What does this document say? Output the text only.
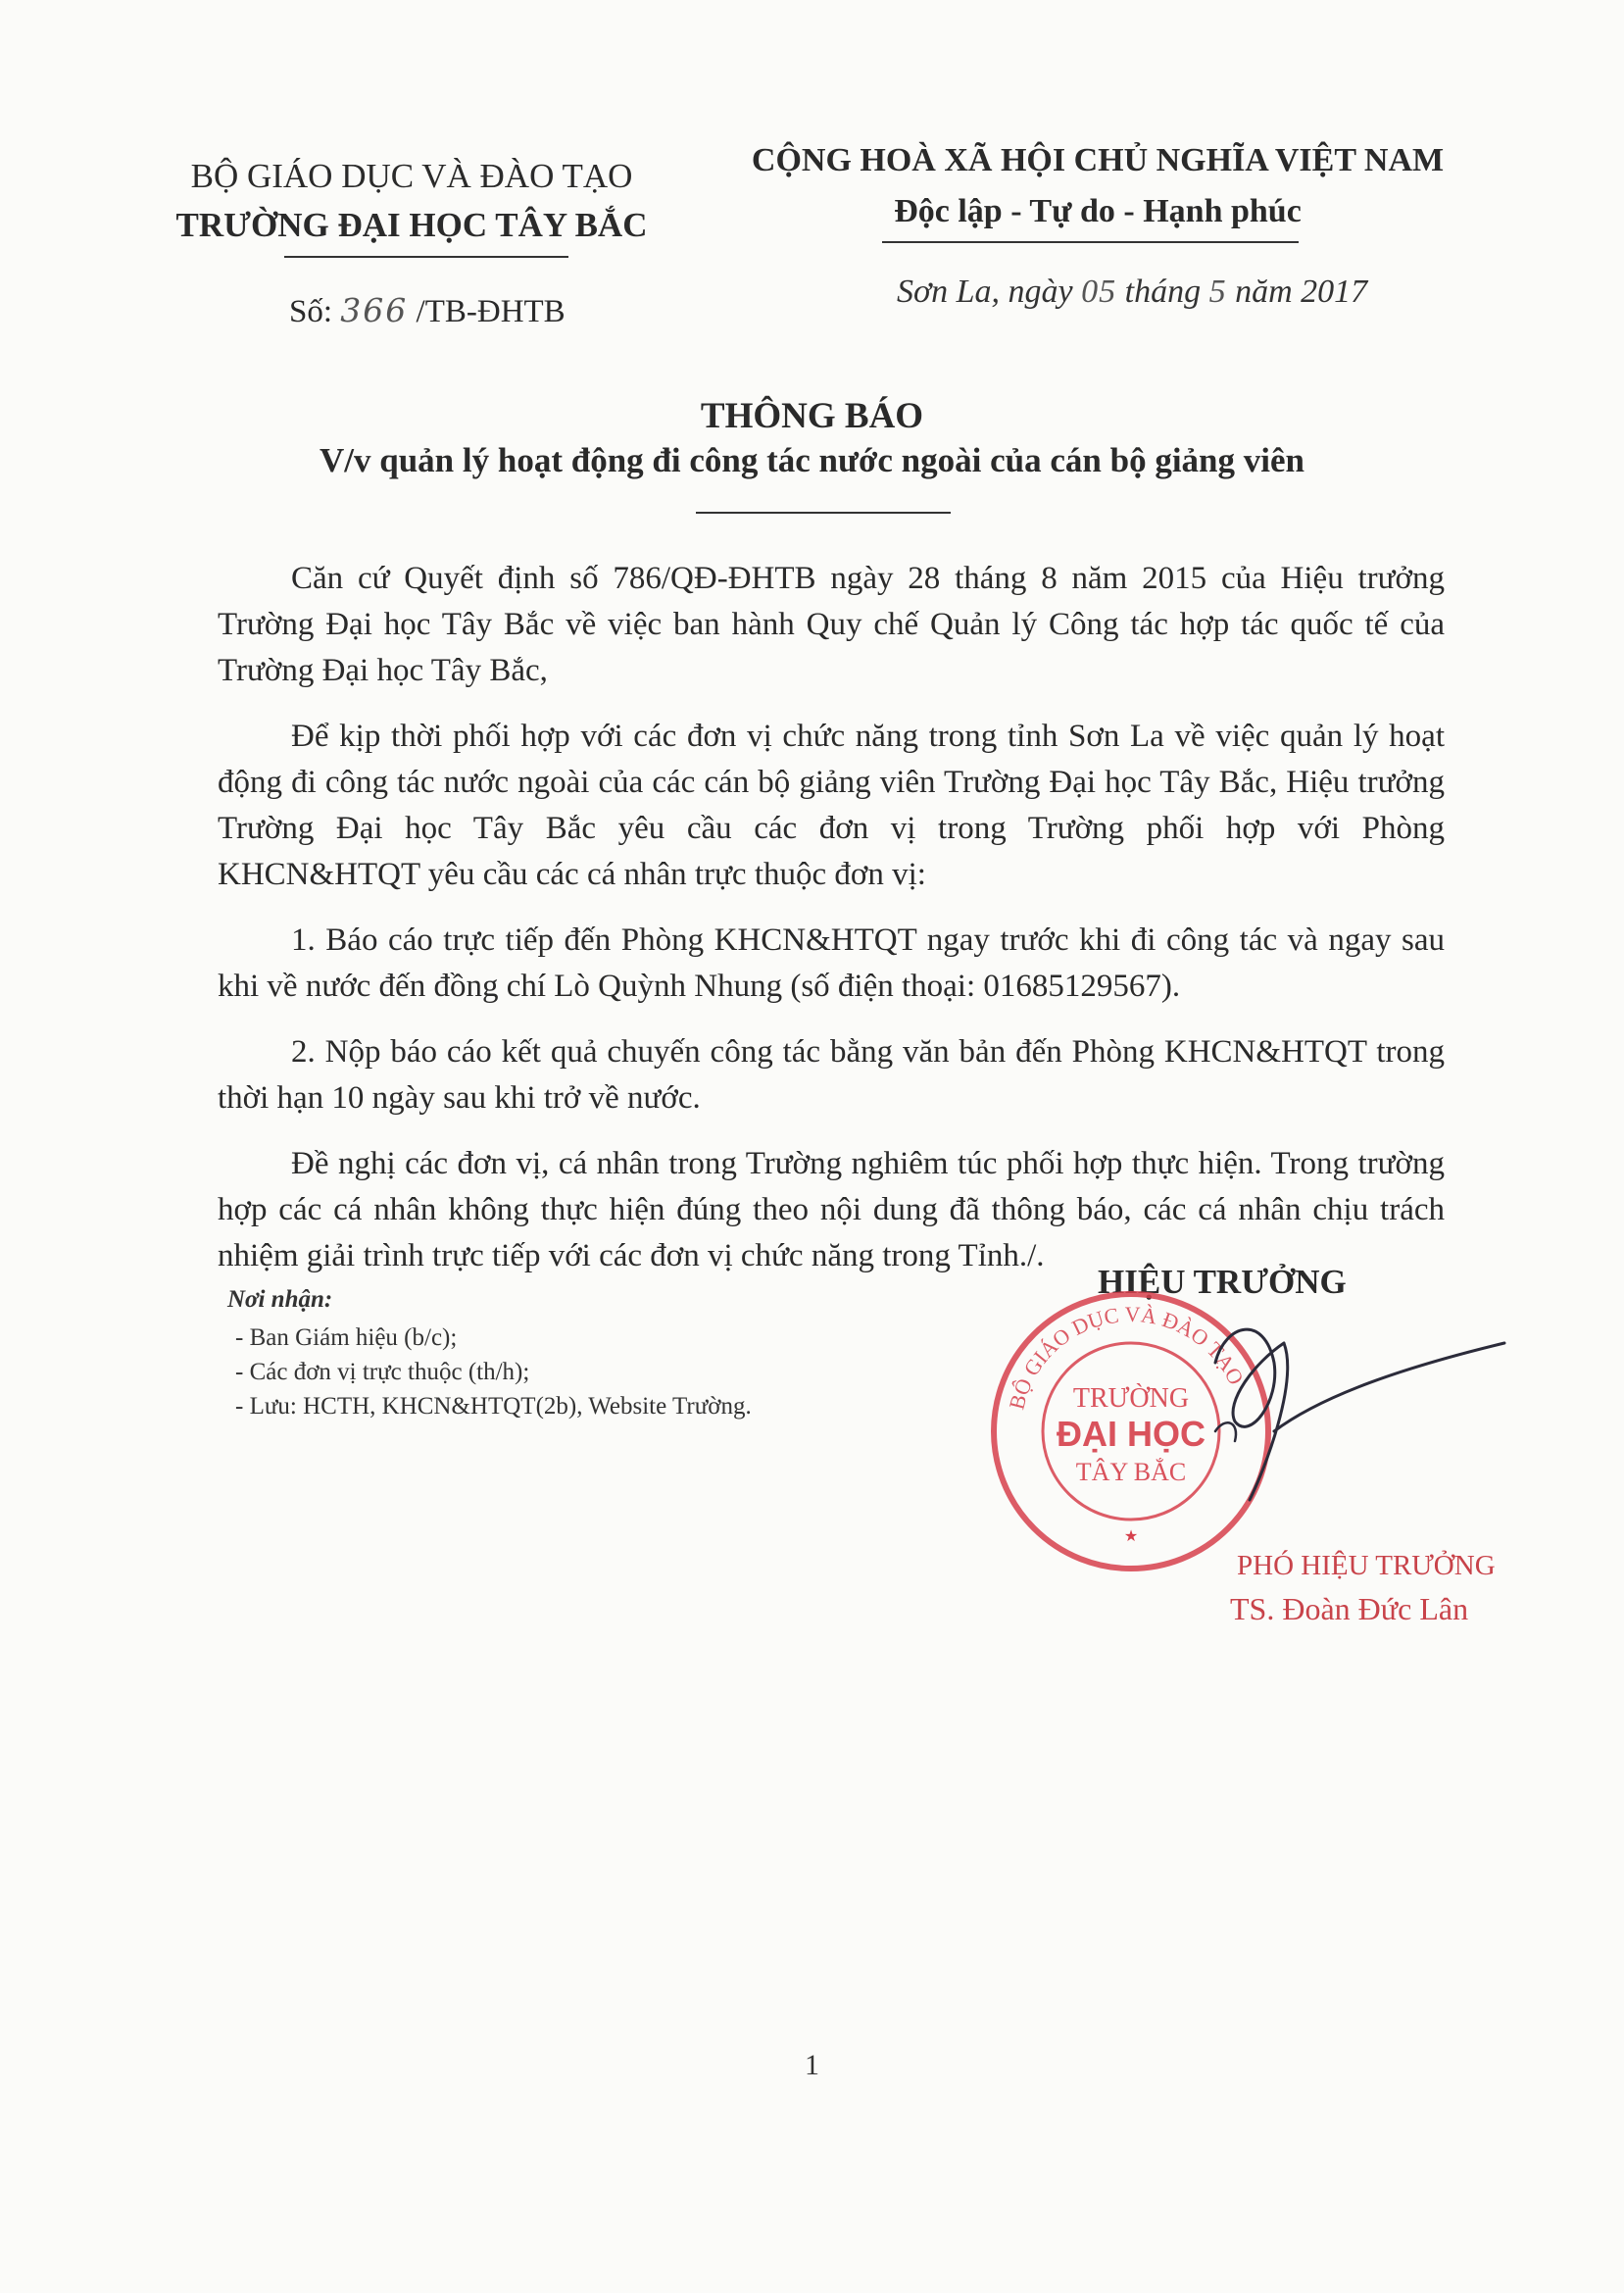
BỘ GIÁO DỤC VÀ ĐÀO TẠO
TRƯỜNG ĐẠI HỌC TÂY BẮC
CỘNG HOÀ XÃ HỘI CHỦ NGHĨA VIỆT NAM
Độc lập - Tự do - Hạnh phúc
Số: 366 /TB-ĐHTB
Sơn La, ngày 05 tháng 5 năm 2017
THÔNG BÁO
V/v quản lý hoạt động đi công tác nước ngoài của cán bộ giảng viên

Căn cứ Quyết định số 786/QĐ-ĐHTB ngày 28 tháng 8 năm 2015 của Hiệu trưởng Trường Đại học Tây Bắc về việc ban hành Quy chế Quản lý Công tác hợp tác quốc tế của Trường Đại học Tây Bắc,

Để kịp thời phối hợp với các đơn vị chức năng trong tỉnh Sơn La về việc quản lý hoạt động đi công tác nước ngoài của các cán bộ giảng viên Trường Đại học Tây Bắc, Hiệu trưởng Trường Đại học Tây Bắc yêu cầu các đơn vị trong Trường phối hợp với Phòng KHCN&HTQT yêu cầu các cá nhân trực thuộc đơn vị:

1. Báo cáo trực tiếp đến Phòng KHCN&HTQT ngay trước khi đi công tác và ngay sau khi về nước đến đồng chí Lò Quỳnh Nhung (số điện thoại: 01685129567).

2. Nộp báo cáo kết quả chuyến công tác bằng văn bản đến Phòng KHCN&HTQT trong thời hạn 10 ngày sau khi trở về nước.

Đề nghị các đơn vị, cá nhân trong Trường nghiêm túc phối hợp thực hiện. Trong trường hợp các cá nhân không thực hiện đúng theo nội dung đã thông báo, các cá nhân chịu trách nhiệm giải trình trực tiếp với các đơn vị chức năng trong Tỉnh./.

Nơi nhận:
- Ban Giám hiệu (b/c);
- Các đơn vị trực thuộc (th/h);
- Lưu: HCTH, KHCN&HTQT(2b), Website Trường.
HIỆU TRƯỞNG
BỘ GIÁO DỤC VÀ ĐÀO TẠO
TRƯỜNG
ĐẠI HỌC
TÂY BẮC
★
PHÓ HIỆU TRƯỞNG
TS. Đoàn Đức Lân
1
